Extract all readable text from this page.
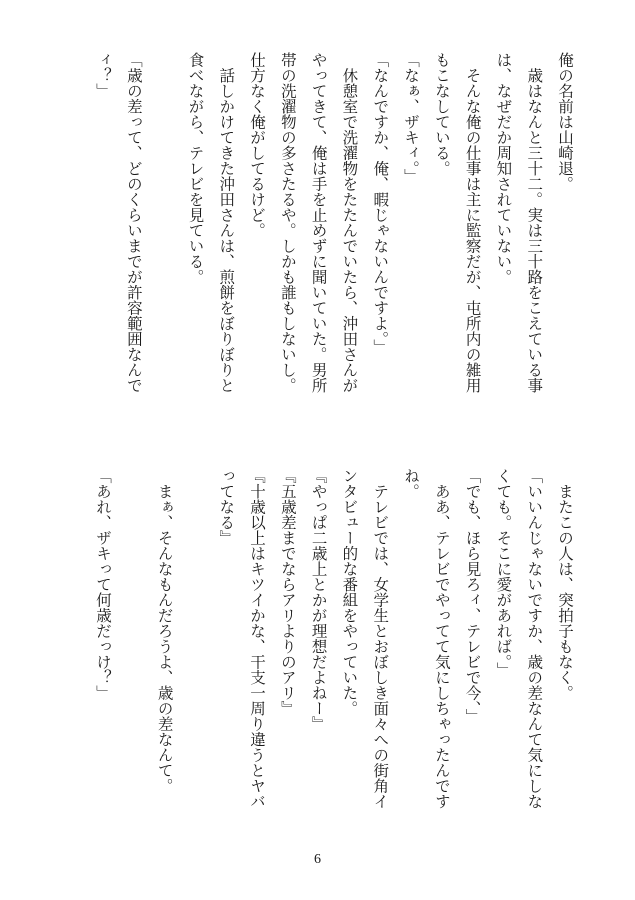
俺の名前は山崎退。
　歳はなんと三十二。実は三十路をこえている事
は、なぜだか周知されていない。
　そんな俺の仕事は主に監察だが、屯所内の雑用
もこなしている。
「なぁ、ザキィ。」
「なんですか、俺、暇じゃないんですよ。」
　休憩室で洗濯物をたたんでいたら、沖田さんが
やってきて、俺は手を止めずに聞いていた。男所
帯の洗濯物の多さたるや。しかも誰もしないし。
仕方なく俺がしてるけど。
　話しかけてきた沖田さんは、煎餅をぼりぼりと
食べながら、テレビを見ている。
「歳の差って、どのくらいまでが許容範囲なんで
ィ？」
　またこの人は、突拍子もなく。
「いいんじゃないですか、歳の差なんて気にしな
くても。そこに愛があれば。」
「でも、ほら見ろィ、テレビで今、」
　ああ、テレビでやってて気にしちゃったんです
ね。
　テレビでは、女学生とおぼしき面々への街角イ
ンタビュー的な番組をやっていた。
『やっぱ二歳上とかが理想だよねー』
『五歳差までならアリよりのアリ』
『十歳以上はキツイかな、干支一周り違うとヤバ
ってなる』
　まぁ、そんなもんだろうよ、歳の差なんて。
「あれ、ザキって何歳だっけ？」
6
